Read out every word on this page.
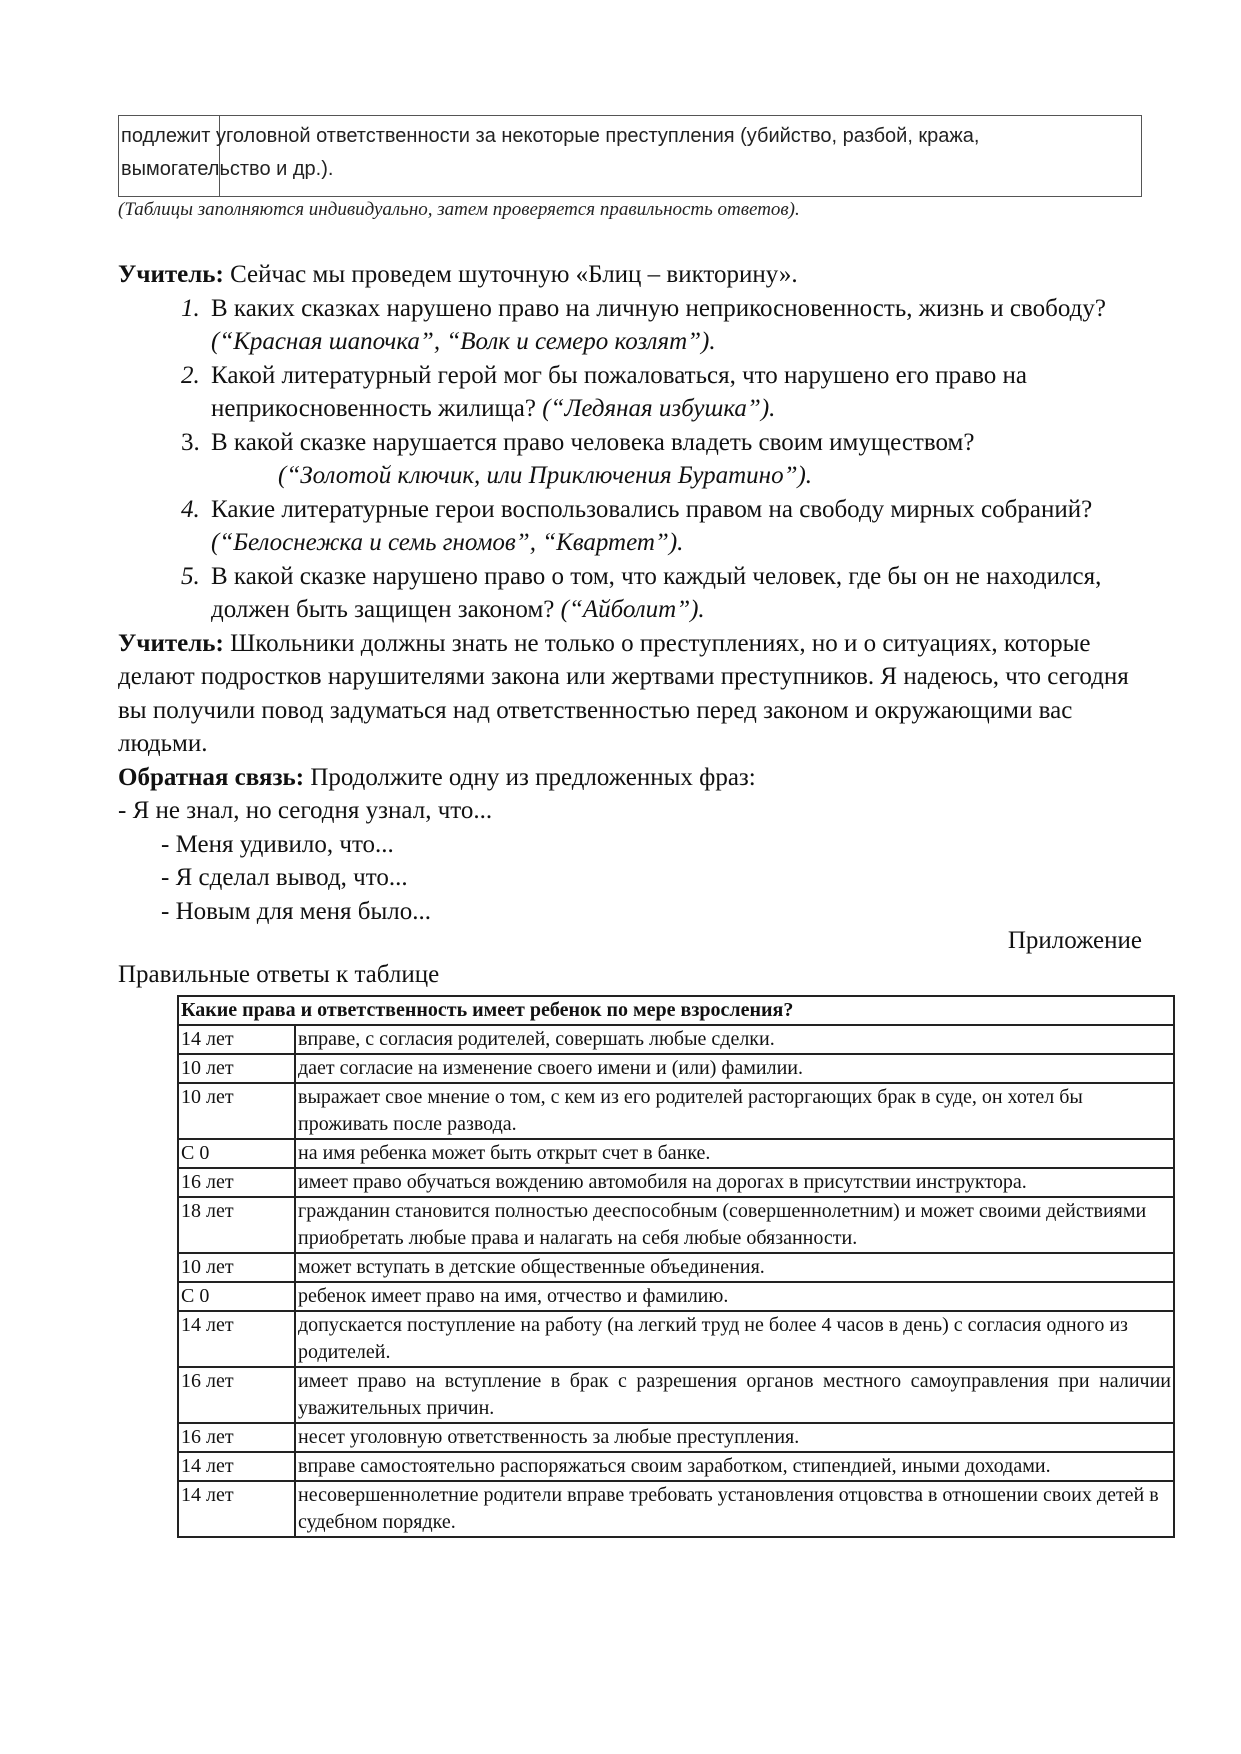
подлежит уголовной ответственности за некоторые преступления (убийство, разбой, кража,
вымогательство и др.).
(Таблицы заполняются индивидуально, затем проверяется правильность ответов).

Учитель: Сейчас мы проведем шуточную «Блиц – викторину».

1. В каких сказках нарушено право на личную неприкосновенность, жизнь и свободу? (“Красная шапочка”, “Волк и семеро козлят”).
2. Какой литературный герой мог бы пожаловаться, что нарушено его право на неприкосновенность жилища? (“Ледяная избушка”).
3. В какой сказке нарушается право человека владеть своим имуществом?
(“Золотой ключик, или Приключения Буратино”).
4. Какие литературные герои воспользовались правом на свободу мирных собраний? (“Белоснежка и семь гномов”, “Квартет”).
5. В какой сказке нарушено право о том, что каждый человек, где бы он не находился, должен быть защищен законом? (“Айболит”).

Учитель: Школьники должны знать не только о преступлениях, но и о ситуациях, которые делают подростков нарушителями закона или жертвами преступников. Я надеюсь, что сегодня вы получили повод задуматься над ответственностью перед законом и окружающими вас людьми.

Обратная связь: Продолжите одну из предложенных фраз:

- Я не знал, но сегодня узнал, что...

- Меня удивило, что...

- Я сделал вывод, что...

- Новым для меня было...

Приложение
Правильные ответы к таблице
Какие права и ответственность имеет ребенок по мере взросления?	
14 лет	вправе, с согласия родителей, совершать любые сделки.
10 лет	дает согласие на изменение своего имени и (или) фамилии.
10 лет	выражает свое мнение о том, с кем из его родителей расторгающих брак в суде, он хотел бы проживать после развода.
С 0	на имя ребенка может быть открыт счет в банке.
16 лет	имеет право обучаться вождению автомобиля на дорогах в присутствии инструктора.
18 лет	гражданин становится полностью дееспособным (совершеннолетним) и может своими действиями приобретать любые права и налагать на себя любые обязанности.
10 лет	может вступать в детские общественные объединения.
С 0	ребенок имеет право на имя, отчество и фамилию.
14 лет	допускается поступление на работу (на легкий труд не более 4 часов в день) с согласия одного из родителей.
16 лет	имеет право на вступление в брак с разрешения органов местного самоуправления при наличии уважительных причин.
16 лет	несет уголовную ответственность за любые преступления.
14 лет	вправе самостоятельно распоряжаться своим заработком, стипендией, иными доходами.
14 лет	несовершеннолетние родители вправе требовать установления отцовства в отношении своих детей в судебном порядке.
